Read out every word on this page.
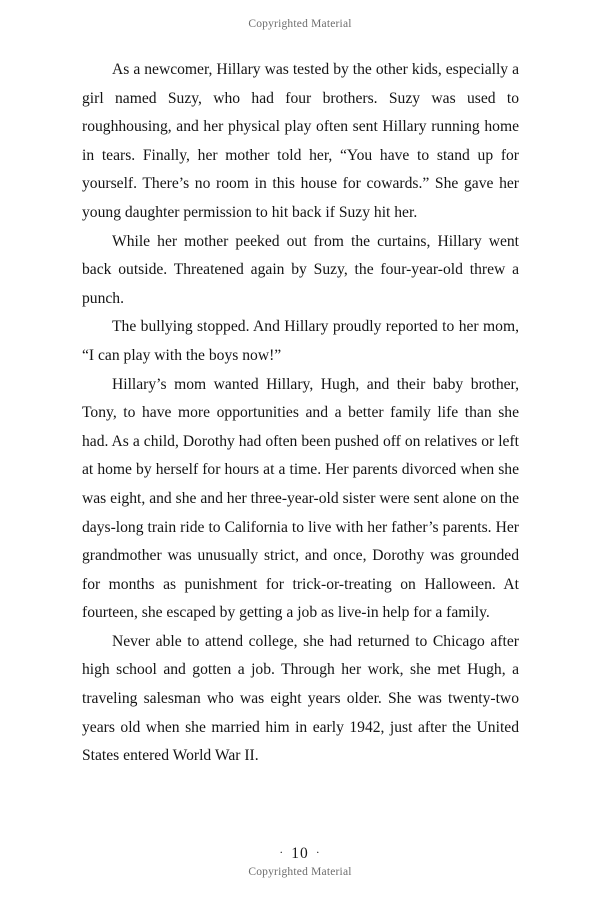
Copyrighted Material

As a newcomer, Hillary was tested by the other kids, especially a girl named Suzy, who had four brothers. Suzy was used to roughhousing, and her physical play often sent Hillary running home in tears. Finally, her mother told her, “You have to stand up for yourself. There’s no room in this house for cowards.” She gave her young daughter permission to hit back if Suzy hit her.

While her mother peeked out from the curtains, Hillary went back outside. Threatened again by Suzy, the four-year-old threw a punch.

The bullying stopped. And Hillary proudly reported to her mom, “I can play with the boys now!”

Hillary’s mom wanted Hillary, Hugh, and their baby brother, Tony, to have more opportunities and a better family life than she had. As a child, Dorothy had often been pushed off on relatives or left at home by herself for hours at a time. Her parents divorced when she was eight, and she and her three-year-old sister were sent alone on the days-long train ride to California to live with her father’s parents. Her grandmother was unusually strict, and once, Dorothy was grounded for months as punishment for trick-or-treating on Halloween. At fourteen, she escaped by getting a job as live-in help for a family.

Never able to attend college, she had returned to Chicago after high school and gotten a job. Through her work, she met Hugh, a traveling salesman who was eight years older. She was twenty-two years old when she married him in early 1942, just after the United States entered World War II.

· 10 ·
Copyrighted Material
